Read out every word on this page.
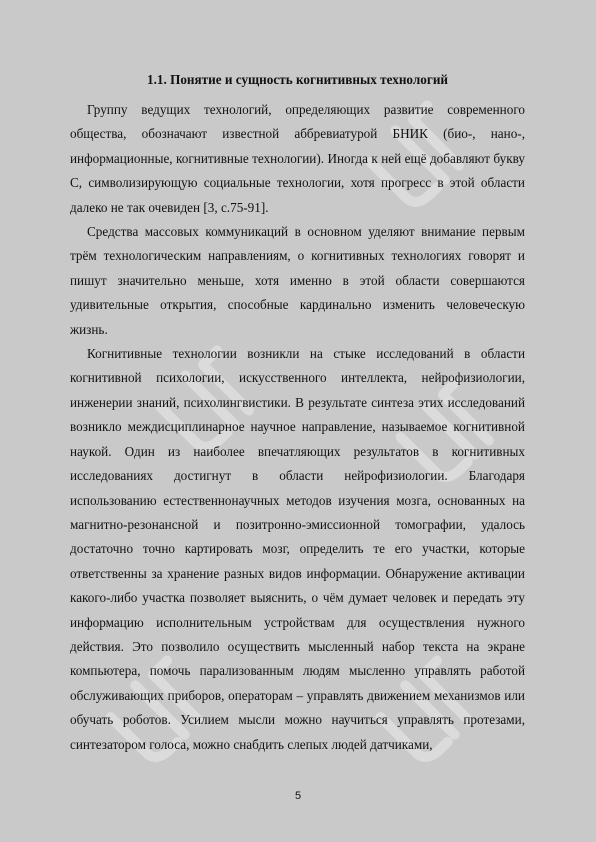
1.1. Понятие и сущность когнитивных технологий

Группу ведущих технологий, определяющих развитие современного общества, обозначают известной аббревиатурой БНИК (био-, нано-, информационные, когнитивные технологии). Иногда к ней ещё добавляют букву С, символизирующую социальные технологии, хотя прогресс в этой области далеко не так очевиден [3, с.75-91].

Средства массовых коммуникаций в основном уделяют внимание первым трём технологическим направлениям, о когнитивных технологиях говорят и пишут значительно меньше, хотя именно в этой области совершаются удивительные открытия, способные кардинально изменить человеческую жизнь.

Когнитивные технологии возникли на стыке исследований в области когнитивной психологии, искусственного интеллекта, нейрофизиологии, инженерии знаний, психолингвистики. В результате синтеза этих исследований возникло междисциплинарное научное направление, называемое когнитивной наукой. Один из наиболее впечатляющих результатов в когнитивных исследованиях достигнут в области нейрофизиологии. Благодаря использованию естественнонаучных методов изучения мозга, основанных на магнитно-резонансной и позитронно-эмиссионной томографии, удалось достаточно точно картировать мозг, определить те его участки, которые ответственны за хранение разных видов информации. Обнаружение активации какого-либо участка позволяет выяснить, о чём думает человек и передать эту информацию исполнительным устройствам для осуществления нужного действия. Это позволило осуществить мысленный набор текста на экране компьютера, помочь парализованным людям мысленно управлять работой обслуживающих приборов, операторам – управлять движением механизмов или обучать роботов. Усилием мысли можно научиться управлять протезами, синтезатором голоса, можно снабдить слепых людей датчиками,

5
